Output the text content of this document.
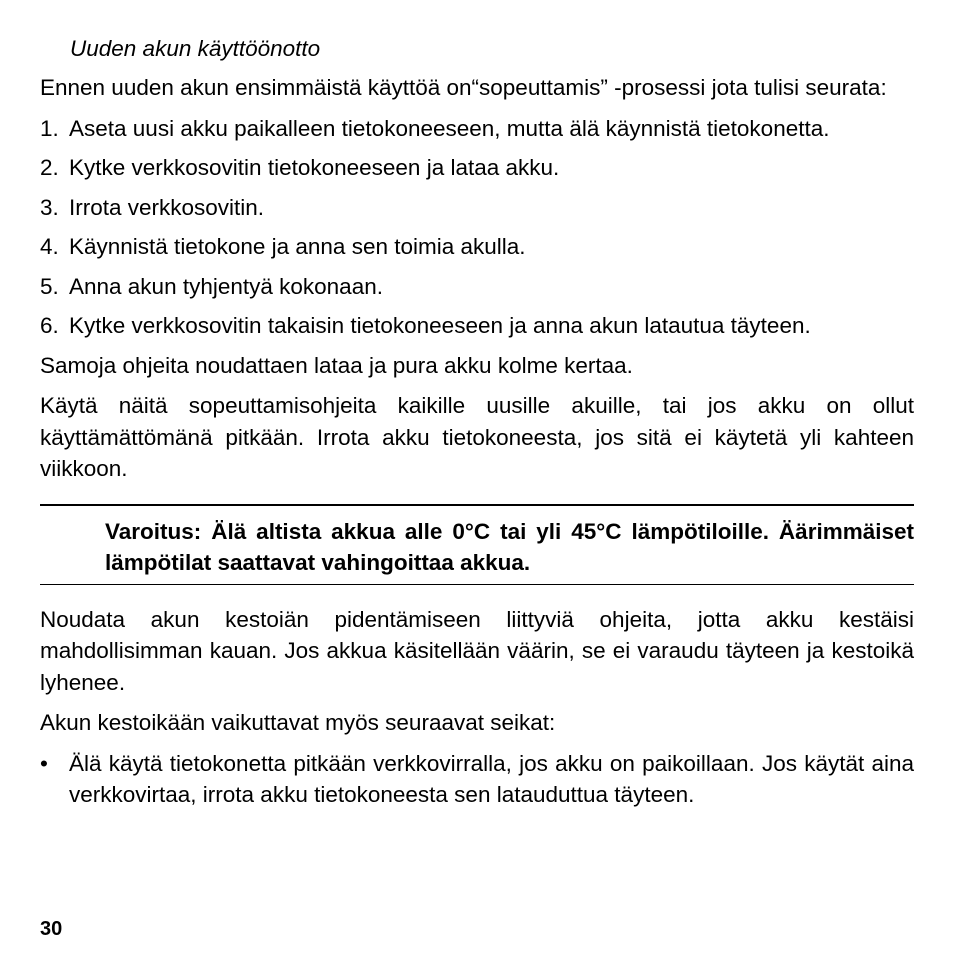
Uuden akun käyttöönotto

Ennen uuden akun ensimmäistä käyttöä on“sopeuttamis” -prosessi jota tulisi seurata:

1. Aseta uusi akku paikalleen tietokoneeseen, mutta älä käynnistä tietokonetta.
2. Kytke verkkosovitin tietokoneeseen ja lataa akku.
3. Irrota verkkosovitin.
4. Käynnistä tietokone ja anna sen toimia akulla.
5. Anna akun tyhjentyä kokonaan.
6. Kytke verkkosovitin takaisin tietokoneeseen ja anna akun latautua täyteen.

Samoja ohjeita noudattaen lataa ja pura akku kolme kertaa.

Käytä näitä sopeuttamisohjeita kaikille uusille akuille, tai jos akku on ollut käyttämättömänä pitkään. Irrota akku tietokoneesta, jos sitä ei käytetä yli kahteen viikkoon.

Varoitus: Älä altista akkua alle 0°C tai yli 45°C lämpötiloille. Äärimmäiset lämpötilat saattavat vahingoittaa akkua.

Noudata akun kestoiän pidentämiseen liittyviä ohjeita, jotta akku kestäisi mahdollisimman kauan. Jos akkua käsitellään väärin, se ei varaudu täyteen ja kestoikä lyhenee.

Akun kestoikään vaikuttavat myös seuraavat seikat:

• Älä käytä tietokonetta pitkään verkkovirralla, jos akku on paikoillaan. Jos käytät aina verkkovirtaa, irrota akku tietokoneesta sen latauduttua täyteen.
30
